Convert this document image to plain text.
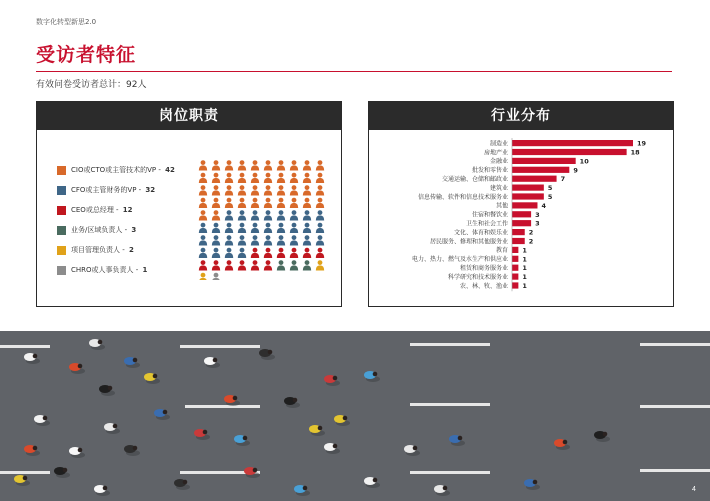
数字化转型新思2.0
受访者特征
有效问卷受访者总计：92人
岗位职责
CIO或CTO或主管技术的VP - 42
CFO或主管财务的VP - 32
CEO或总经理 - 12
业务/区域负责人 - 3
项目管理负责人 - 2
CHRO或人事负责人 - 1
行业分布
制造业	19
房地产业	18
金融业	10
批发和零售业	9
交通运输、仓储和邮政业	7
建筑业	5
信息传输、软件和信息技术服务业	5
其他	4
住宿和餐饮业	3
卫生和社会工作	3
文化、体育和娱乐业	2
居民服务、修理和其他服务业	2
教育 1
电力、热力、燃气及水生产和供应业 1
租赁和商务服务业 1
科学研究和技术服务业 1
农、林、牧、渔业 1
4
